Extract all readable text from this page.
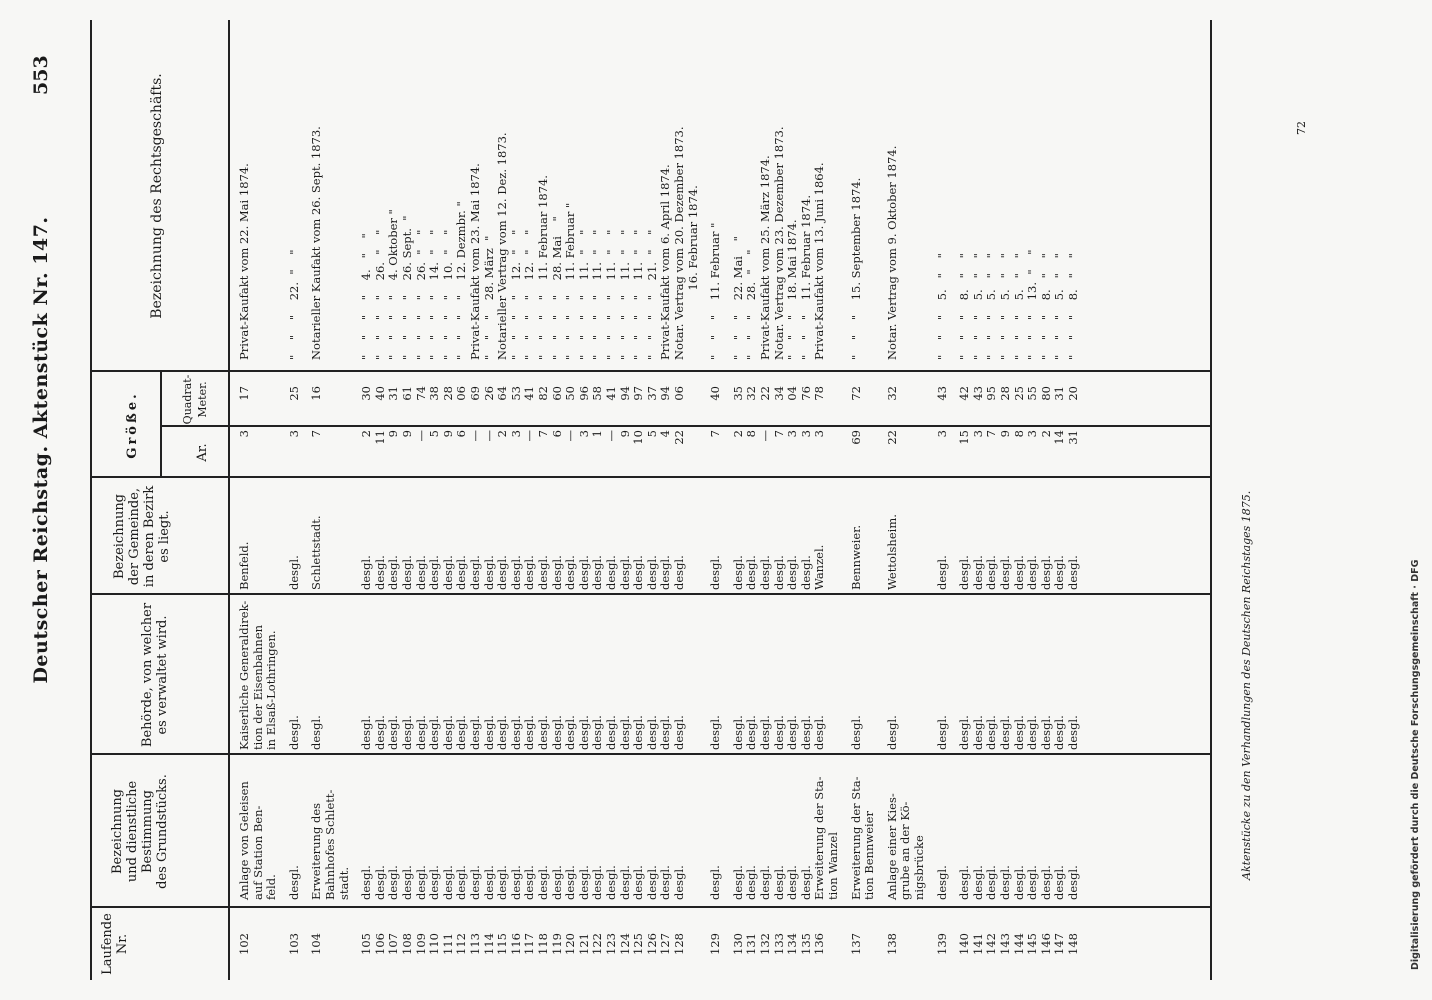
Deutscher Reichstag. Aktenstück Nr. 147.
553
Laufende Nr.
Bezeichnung
und dienstliche
Bestimmung
des Grundstücks.
Behörde, von welcher
es verwaltet wird.
Bezeichnung
der Gemeinde,
in deren Bezirk
es liegt.
Größe.	Ar.
Quadrat-
Meter.
Bezeichnung des Rechtsgeschäfts.
102
Anlage von Geleisen
auf Station Ben-
feld.
Kaiserliche Generaldirek-
tion der Eisenbahnen
in Elsaß-Lothringen.
Benfeld.
3
17
Privat-Kaufakt vom 22. Mai 1874.
103
desgl.
desgl.
desgl.
3
25
"    "    "    22.  "    "
104
Erweiterung des
Bahnhofes Schlett-
stadt.
desgl.
Schlettstadt.
7
16
Notarieller Kaufakt vom 26. Sept. 1873.
105
desgl.
desgl.
desgl.
2
30
"    "    "    "    4.   "    "
106
desgl.
desgl.
desgl.
11
40
"    "    "    "    26.  "    "
107
desgl.
desgl.
desgl.
9
31
"    "    "    "    4. Oktober "
108
desgl.
desgl.
desgl.
9
61
"    "    "    "    26. Sept.  "
109
desgl.
desgl.
desgl.
—
74
"    "    "    "    26.  "    "
110
desgl.
desgl.
desgl.
5
38
"    "    "    "    14.  "    "
111
desgl.
desgl.
desgl.
9
28
"    "    "    "    10.  "    "
112
desgl.
desgl.
desgl.
6
06
"    "    "    "    12. Dezmbr. "
113
desgl.
desgl.
desgl.
—
69
Privat-Kaufakt vom 23. Mai 1874.
114
desgl.
desgl.
desgl.
—
26
"    "    "    28. März  "
115
desgl.
desgl.
desgl.
2
64
Notarieller Vertrag vom 12. Dez. 1873.
116
desgl.
desgl.
desgl.
3
53
"    "    "    "    12.  "    "
117
desgl.
desgl.
desgl.
—
41
"    "    "    "    12.  "    "
118
desgl.
desgl.
desgl.
7
82
"    "    "    "    11. Februar 1874.
119
desgl.
desgl.
desgl.
6
60
"    "    "    "    28. Mai    "
120
desgl.
desgl.
desgl.
—
50
"    "    "    "    11. Februar "
121
desgl.
desgl.
desgl.
3
96
"    "    "    "    11.  "    "
122
desgl.
desgl.
desgl.
1
58
"    "    "    "    11.  "    "
123
desgl.
desgl.
desgl.
—
41
"    "    "    "    11.  "    "
124
desgl.
desgl.
desgl.
9
94
"    "    "    "    11.  "    "
125
desgl.
desgl.
desgl.
10
97
"    "    "    "    11.  "    "
126
desgl.
desgl.
desgl.
5
37
"    "    "    "    21.  "    "
127
desgl.
desgl.
desgl.
4
94
Privat-Kaufakt vom 6. April 1874.
128
desgl.
desgl.
desgl.
22
06
Notar. Vertrag vom 20. Dezember 1873.
16. Februar 1874.
129
desgl.
desgl.
desgl.
7
40
"    "    "    11. Februar "
130
desgl.
desgl.
desgl.
2
35
"    "    "    22. Mai    "
131
desgl.
desgl.
desgl.
8
32
"    "    "    28.  "    "
132
desgl.
desgl.
desgl.
—
22
Privat-Kaufakt vom 25. März 1874.
133
desgl.
desgl.
desgl.
7
34
Notar. Vertrag vom 23. Dezember 1873.
134
desgl.
desgl.
desgl.
3
04
"    "    "    18. Mai 1874.
135
desgl.
desgl.
desgl.
3
76
"    "    "    11. Februar 1874.
136
Erweiterung der Sta-
tion Wanzel
desgl.
Wanzel.
3
78
Privat-Kaufakt vom 13. Juni 1864.
137
Erweiterung der Sta-
tion Bennweier
desgl.
Bennweier.
69
72
"    "    "    15. September 1874.
138
Anlage einer Kies-
grube an der Kö-
nigsbrücke
desgl.
Wettolsheim.
22
32
Notar. Vertrag vom 9. Oktober 1874.
139
desgl.
desgl.
desgl.
3
43
"    "    "    5.   "    "
140
desgl.
desgl.
desgl.
15
42
"    "    "    8.   "    "
141
desgl.
desgl.
desgl.
3
43
"    "    "    5.   "    "
142
desgl.
desgl.
desgl.
7
95
"    "    "    5.   "    "
143
desgl.
desgl.
desgl.
9
28
"    "    "    5.   "    "
144
desgl.
desgl.
desgl.
8
25
"    "    "    5.   "    "
145
desgl.
desgl.
desgl.
3
55
"    "    "    13.  "    "
146
desgl.
desgl.
desgl.
2
80
"    "    "    8.   "    "
147
desgl.
desgl.
desgl.
14
31
"    "    "    5.   "    "
148
desgl.
desgl.
desgl.
31
20
"    "    "    8.   "    "
Aktenstücke zu den Verhandlungen des Deutschen Reichstages 1875.
72
Digitalisierung gefördert durch die Deutsche Forschungsgemeinschaft · DFG
